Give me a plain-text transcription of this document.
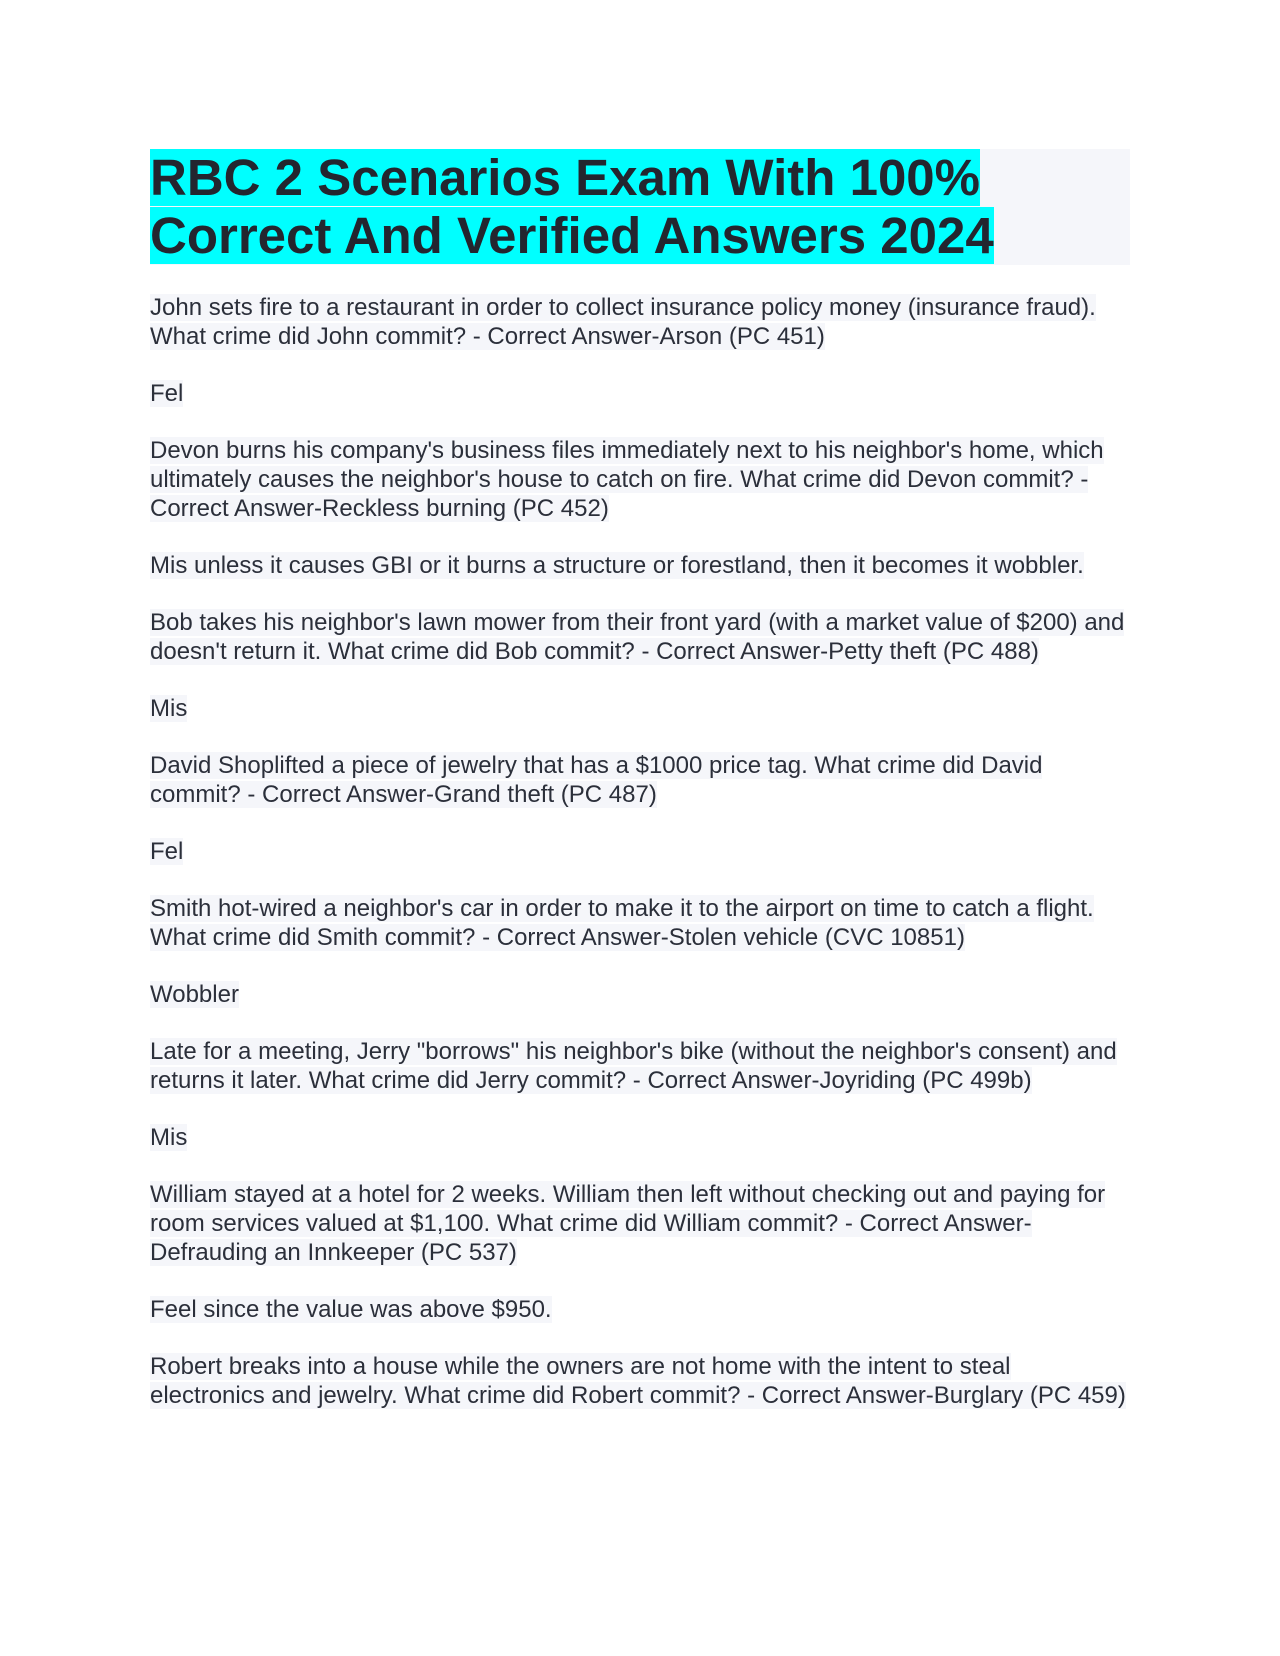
RBC 2 Scenarios Exam With 100% Correct And Verified Answers 2024

John sets fire to a restaurant in order to collect insurance policy money (insurance fraud). What crime did John commit? - Correct Answer-Arson (PC 451)

Fel

Devon burns his company's business files immediately next to his neighbor's home, which ultimately causes the neighbor's house to catch on fire. What crime did Devon commit? - Correct Answer-Reckless burning (PC 452)

Mis unless it causes GBI or it burns a structure or forestland, then it becomes it wobbler.

Bob takes his neighbor's lawn mower from their front yard (with a market value of $200) and doesn't return it. What crime did Bob commit? - Correct Answer-Petty theft (PC 488)

Mis

David Shoplifted a piece of jewelry that has a $1000 price tag. What crime did David commit? - Correct Answer-Grand theft (PC 487)

Fel

Smith hot-wired a neighbor's car in order to make it to the airport on time to catch a flight. What crime did Smith commit? - Correct Answer-Stolen vehicle (CVC 10851)

Wobbler

Late for a meeting, Jerry "borrows" his neighbor's bike (without the neighbor's consent) and returns it later. What crime did Jerry commit? - Correct Answer-Joyriding (PC 499b)

Mis

William stayed at a hotel for 2 weeks. William then left without checking out and paying for room services valued at $1,100. What crime did William commit? - Correct Answer-Defrauding an Innkeeper (PC 537)

Feel since the value was above $950.

Robert breaks into a house while the owners are not home with the intent to steal electronics and jewelry. What crime did Robert commit? - Correct Answer-Burglary (PC 459)
